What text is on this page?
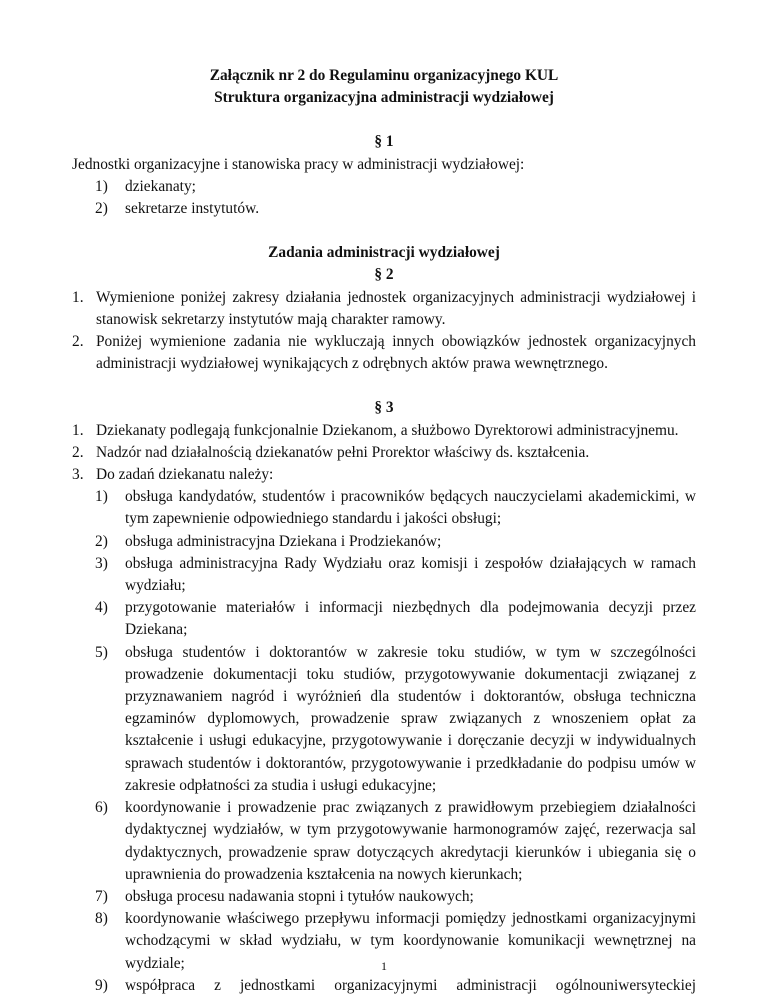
Załącznik nr 2 do Regulaminu organizacyjnego KUL
Struktura organizacyjna administracji wydziałowej
§ 1
Jednostki organizacyjne i stanowiska pracy w administracji wydziałowej:
1) dziekanaty;
2) sekretarze instytutów.
Zadania administracji wydziałowej
§ 2
1. Wymienione poniżej zakresy działania jednostek organizacyjnych administracji wydziałowej i stanowisk sekretarzy instytutów mają charakter ramowy.
2. Poniżej wymienione zadania nie wykluczają innych obowiązków jednostek organizacyjnych administracji wydziałowej wynikających z odrębnych aktów prawa wewnętrznego.
§ 3
1. Dziekanaty podlegają funkcjonalnie Dziekanom, a służbowo Dyrektorowi administracyjnemu.
2. Nadzór nad działalnością dziekanatów pełni Prorektor właściwy ds. kształcenia.
3. Do zadań dziekanatu należy:
1) obsługa kandydatów, studentów i pracowników będących nauczycielami akademickimi, w tym zapewnienie odpowiedniego standardu i jakości obsługi;
2) obsługa administracyjna Dziekana i Prodziekanów;
3) obsługa administracyjna Rady Wydziału oraz komisji i zespołów działających w ramach wydziału;
4) przygotowanie materiałów i informacji niezbędnych dla podejmowania decyzji przez Dziekana;
5) obsługa studentów i doktorantów w zakresie toku studiów, w tym w szczególności prowadzenie dokumentacji toku studiów, przygotowywanie dokumentacji związanej z przyznawaniem nagród i wyróżnień dla studentów i doktorantów, obsługa techniczna egzaminów dyplomowych, prowadzenie spraw związanych z wnoszeniem opłat za kształcenie i usługi edukacyjne, przygotowywanie i doręczanie decyzji w indywidualnych sprawach studentów i doktorantów, przygotowywanie i przedkładanie do podpisu umów w zakresie odpłatności za studia i usługi edukacyjne;
6) koordynowanie i prowadzenie prac związanych z prawidłowym przebiegiem działalności dydaktycznej wydziałów, w tym przygotowywanie harmonogramów zajęć, rezerwacja sal dydaktycznych, prowadzenie spraw dotyczących akredytacji kierunków i ubiegania się o uprawnienia do prowadzenia kształcenia na nowych kierunkach;
7) obsługa procesu nadawania stopni i tytułów naukowych;
8) koordynowanie właściwego przepływu informacji pomiędzy jednostkami organizacyjnymi wchodzącymi w skład wydziału, w tym koordynowanie komunikacji wewnętrznej na wydziale;
9) współpraca z jednostkami organizacyjnymi administracji ogólnouniwersyteckiej
1
